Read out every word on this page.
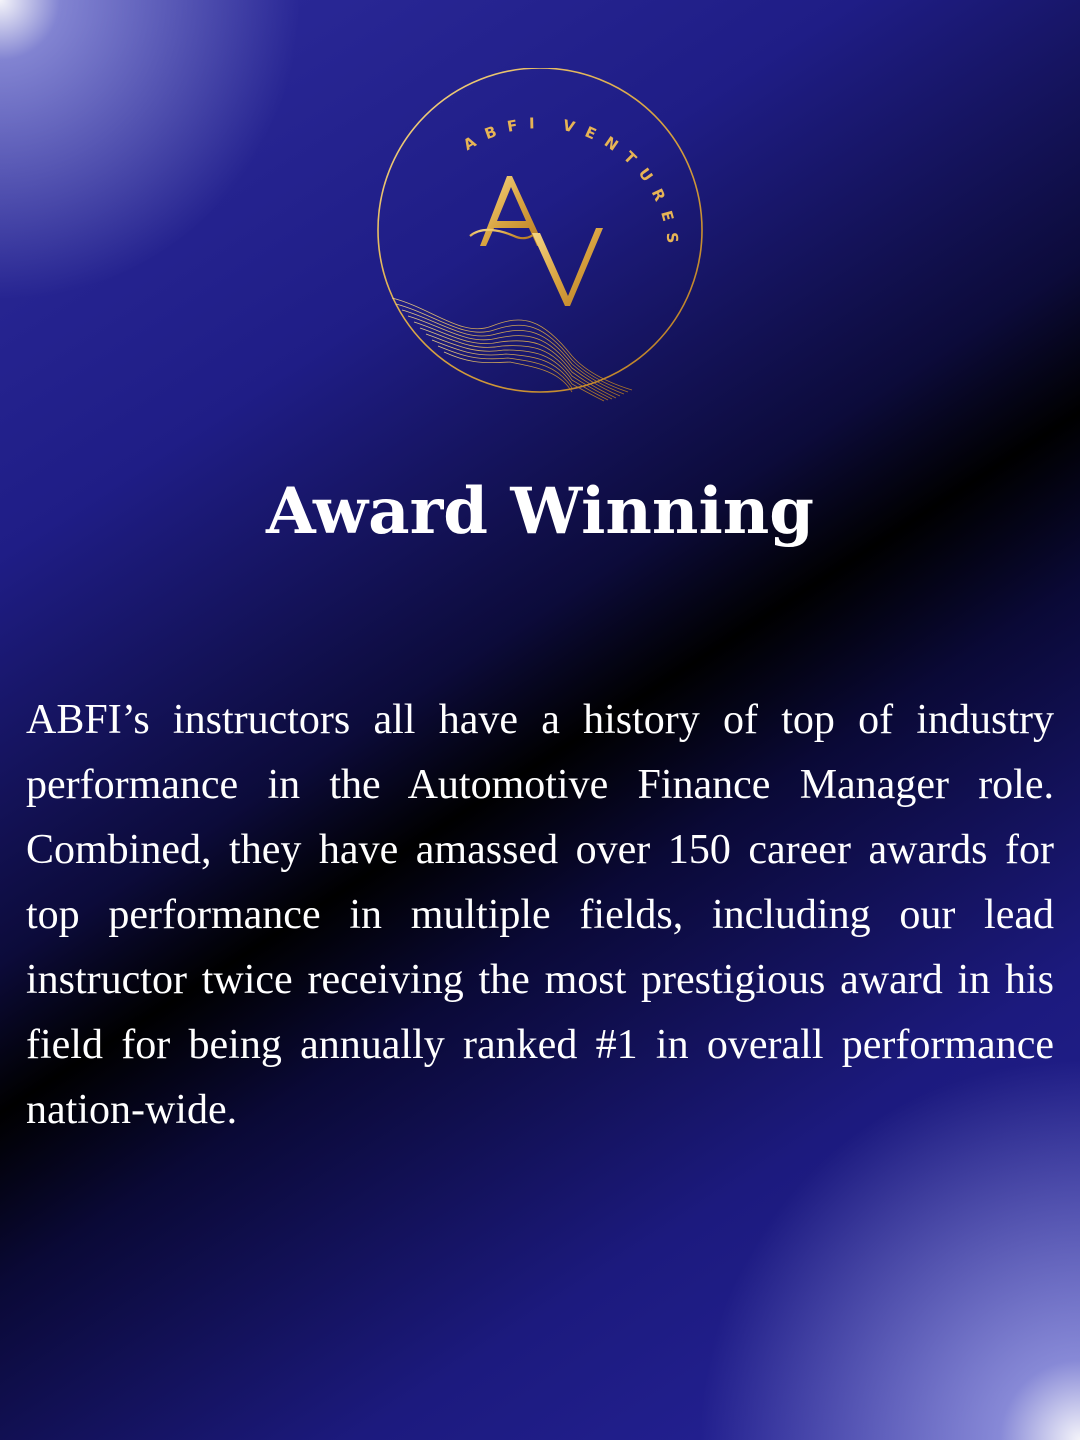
ABFI VENTURES
Award Winning

ABFI’s instructors all have a history of top of industry performance in the Automotive Finance Manager role.  Combined, they have amassed over 150 career awards for top performance in multiple fields, including our lead instructor twice receiving the most prestigious award in his field for being annually ranked #1 in overall performance nation-wide.
